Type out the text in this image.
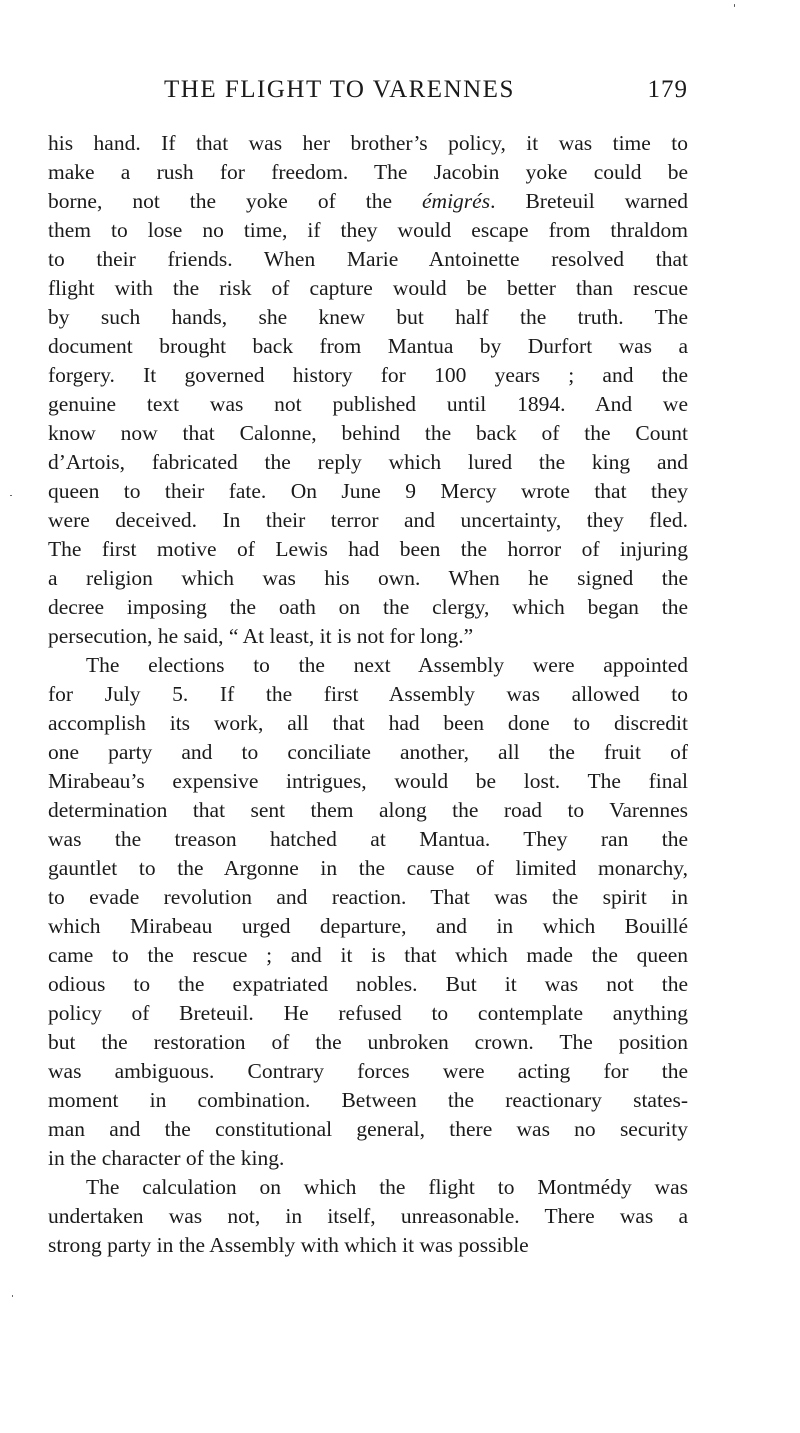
THE FLIGHT TO VARENNES	179
his hand. If that was her brother’s policy, it was time to
make a rush for freedom. The Jacobin yoke could be
borne, not the yoke of the émigrés. Breteuil warned
them to lose no time, if they would escape from thraldom
to their friends. When Marie Antoinette resolved that
flight with the risk of capture would be better than rescue
by such hands, she knew but half the truth. The
document brought back from Mantua by Durfort was a
forgery. It governed history for 100 years ; and the
genuine text was not published until 1894. And we
know now that Calonne, behind the back of the Count
d’Artois, fabricated the reply which lured the king and
queen to their fate. On June 9 Mercy wrote that they
were deceived. In their terror and uncertainty, they fled.
The first motive of Lewis had been the horror of injuring
a religion which was his own. When he signed the
decree imposing the oath on the clergy, which began the
persecution, he said, “ At least, it is not for long.”
The elections to the next Assembly were appointed
for July 5. If the first Assembly was allowed to
accomplish its work, all that had been done to discredit
one party and to conciliate another, all the fruit of
Mirabeau’s expensive intrigues, would be lost. The final
determination that sent them along the road to Varennes
was the treason hatched at Mantua. They ran the
gauntlet to the Argonne in the cause of limited monarchy,
to evade revolution and reaction. That was the spirit in
which Mirabeau urged departure, and in which Bouillé
came to the rescue ; and it is that which made the queen
odious to the expatriated nobles. But it was not the
policy of Breteuil. He refused to contemplate anything
but the restoration of the unbroken crown. The position
was ambiguous. Contrary forces were acting for the
moment in combination. Between the reactionary states-
man and the constitutional general, there was no security
in the character of the king.
The calculation on which the flight to Montmédy was
undertaken was not, in itself, unreasonable. There was a
strong party in the Assembly with which it was possible
